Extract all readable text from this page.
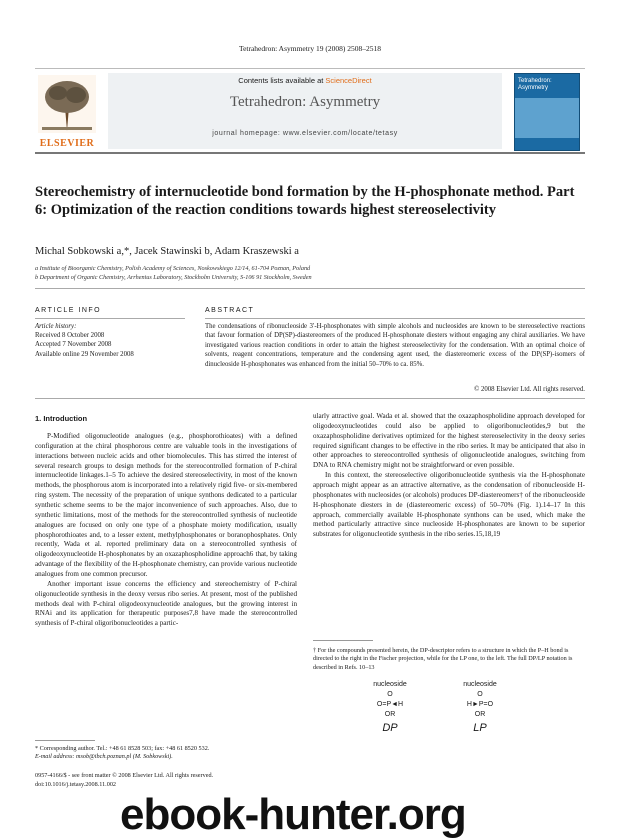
Tetrahedron: Asymmetry 19 (2008) 2508–2518
ELSEVIER
Contents lists available at ScienceDirect
Tetrahedron: Asymmetry
journal homepage: www.elsevier.com/locate/tetasy
Tetrahedron: Asymmetry
Stereochemistry of internucleotide bond formation by the H-phosphonate method. Part 6: Optimization of the reaction conditions towards highest stereoselectivity
Michal Sobkowski a,*, Jacek Stawinski b, Adam Kraszewski a
a Institute of Bioorganic Chemistry, Polish Academy of Sciences, Noskowskiego 12/14, 61-704 Poznan, Poland
b Department of Organic Chemistry, Arrhenius Laboratory, Stockholm University, S-106 91 Stockholm, Sweden
ARTICLE INFO	ABSTRACT
Article history:
Received 8 October 2008
Accepted 7 November 2008
Available online 29 November 2008
The condensations of ribonucleoside 3′-H-phosphonates with simple alcohols and nucleosides are known to be stereoselective reactions that favour formation of DP(SP)-diastereomers of the produced H-phosphonate diesters without engaging any chiral auxiliaries. We have investigated various reaction conditions in order to attain the highest stereoselectivity for the condensation. With an optimal choice of solvents, reagent concentrations, temperature and the condensing agent used, the diastereomeric excess of the DP(SP)-isomers of dinucleoside H-phosphonates was enhanced from the initial 50–70% to ca. 85%.
© 2008 Elsevier Ltd. All rights reserved.
1. Introduction

P-Modified oligonucleotide analogues (e.g., phosphorothioates) with a defined configuration at the chiral phosphorous centre are valuable tools in the investigations of interactions between nucleic acids and other biomolecules. This has stirred the interest of several research groups to design methods for the stereocontrolled formation of P-chiral internucleotide linkages.1–5 To achieve the desired stereoselectivity, in most of the known methods, the phosphorous atom is incorporated into a relatively rigid five- or six-membered ring system. The necessity of the preparation of unique synthons dedicated to a particular synthetic scheme seems to be the major inconvenience of such approaches. Also, due to synthetic limitations, most of the methods for the stereocontrolled synthesis of nucleotide analogues are focused on only one type of a phosphate moiety modification, usually phosphorothioates and, to a lesser extent, methylphosphonates or boranophosphates. Only recently, Wada et al. reported preliminary data on a stereocontrolled synthesis of oligodeoxynucleotide H-phosphonates by an oxazaphospholidine approach6 that, by taking advantage of the flexibility of the H-phosphonate chemistry, can provide various nucleotide analogues from one common precursor.

Another important issue concerns the efficiency and stereochemistry of P-chiral oligonucleotide synthesis in the deoxy versus ribo series. At present, most of the published methods deal with P-chiral oligodeoxynucleotide analogues, but the growing interest in RNAi and its application for therapeutic purposes7,8 have made the stereocontrolled synthesis of P-chiral oligoribonucleotides a partic-

ularly attractive goal. Wada et al. showed that the oxazaphospholidine approach developed for oligodeoxynucleotides could also be applied to oligoribonucleotides,9 but the oxazaphospholidine derivatives optimized for the highest stereoselectivity in the deoxy series required significant changes to be effective in the ribo series. It may be anticipated that also in other approaches to stereocontrolled synthesis of oligonucleotide analogues, switching from DNA to RNA chemistry might not be straightforward or even possible.

In this context, the stereoselective oligoribonucleotide synthesis via the H-phosphonate approach might appear as an attractive alternative, as the condensation of ribonucleoside H-phosphonates with nucleosides (or alcohols) produces DP-diastereomers† of the ribonucleoside H-phosphonate diesters in de (diastereomeric excess) of 50–70% (Fig. 1).14–17 In this approach, commercially available H-phosphonate synthons can be used, which make the method particularly attractive since nucleoside H-phosphonates are known to be superior substrates for oligonucleotide synthesis in the ribo series.15,18,19

† For the compounds presented herein, the DP-descriptor refers to a structure in which the P–H bond is directed to the right in the Fischer projection, while for the LP one, to the left. The full DP/LP notation is described in Refs. 10–13
nucleoside
O
O=P◄H
OR
DP
nucleoside
O
H►P=O
OR
LP
* Corresponding author. Tel.: +48 61 8528 503; fax: +48 61 8520 532.
E-mail address: msob@ibch.poznan.pl (M. Sobkowski).
0957-4166/$ - see front matter © 2008 Elsevier Ltd. All rights reserved.
doi:10.1016/j.tetasy.2008.11.002
ebook-hunter.org
